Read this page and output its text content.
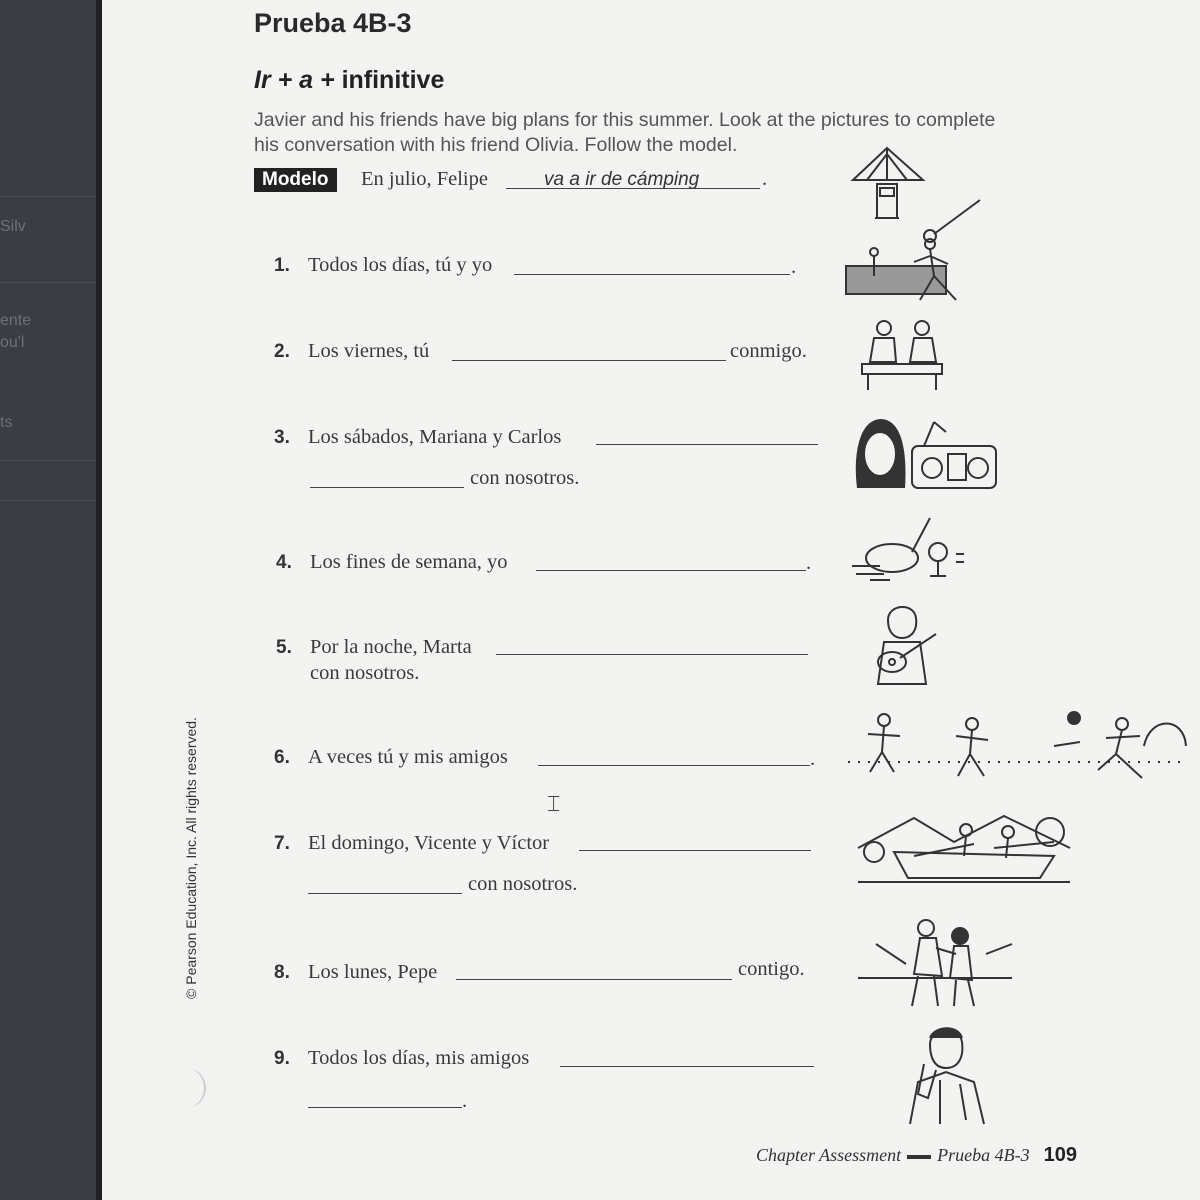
Silv
ente
ou'l
ts
Prueba 4B-3
Ir + a + infinitive
Javier and his friends have big plans for this summer. Look at the pictures to complete
his conversation with his friend Olivia. Follow the model.
Modelo	En julio, Felipe	va a ir de cámping	.
1. Todos los días, tú y yo	.
2. Los viernes, tú	conmigo.
3. Los sábados, Mariana y Carlos
con nosotros.
4. Los fines de semana, yo	.
5. Por la noche, Marta
con nosotros.
6. A veces tú y mis amigos	.
7. El domingo, Vicente y Víctor
con nosotros.
8. Los lunes, Pepe	contigo.
9. Todos los días, mis amigos
.
© Pearson Education, Inc. All rights reserved.
Chapter Assessment Prueba 4B-3 109
⌶
